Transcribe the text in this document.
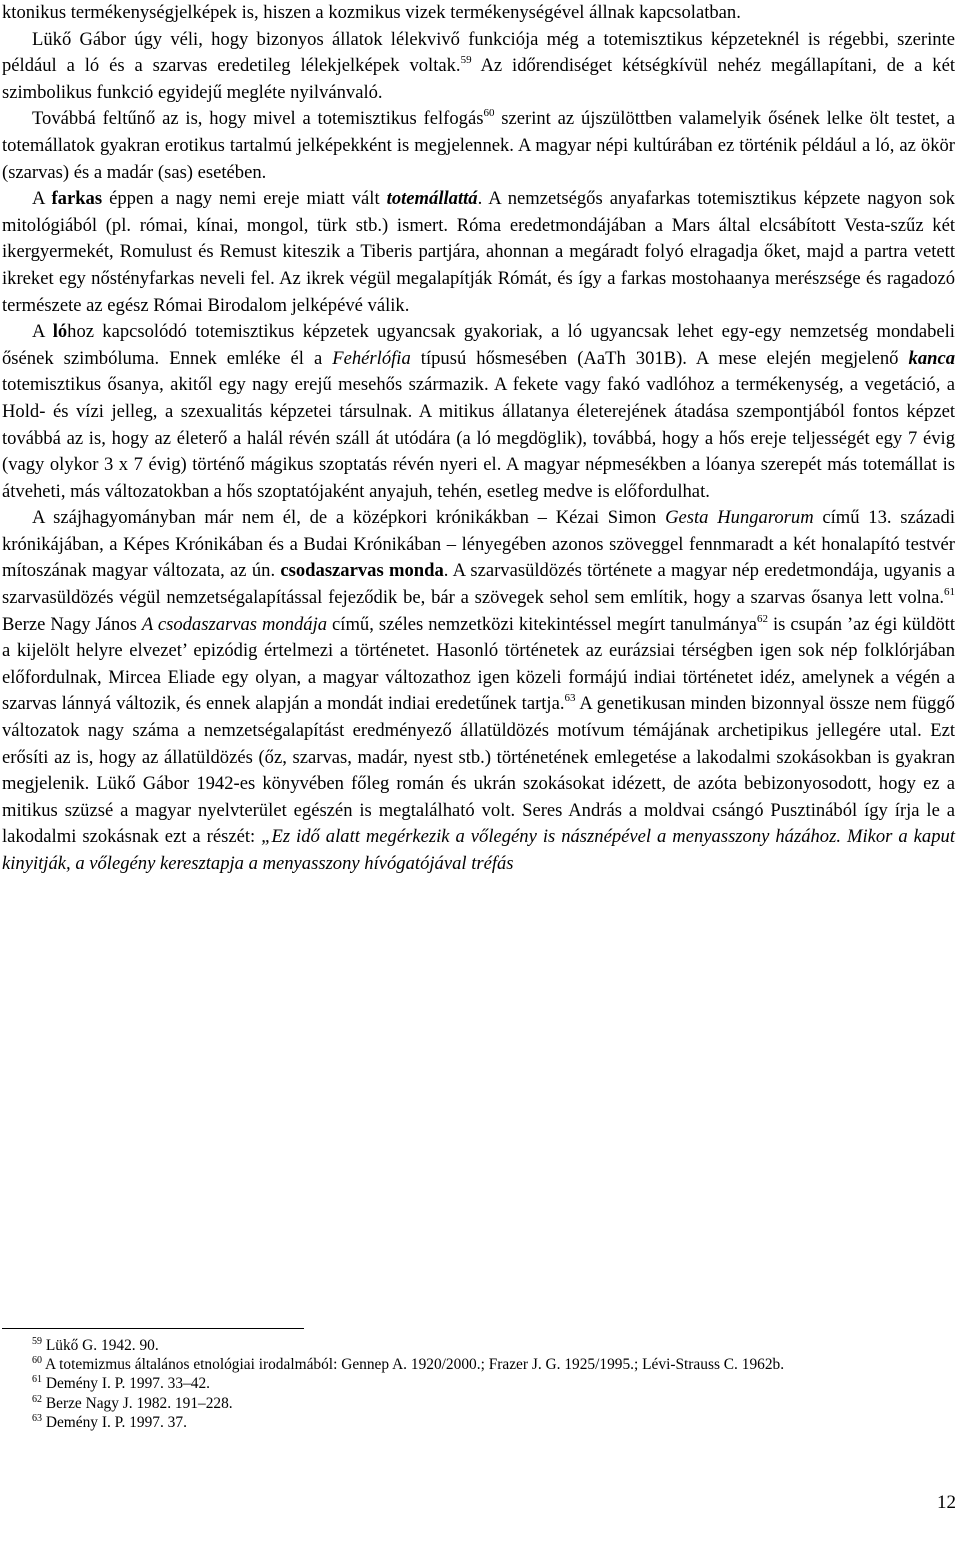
ktonikus termékenységjelképek is, hiszen a kozmikus vizek termékenységével állnak kapcsolatban.

Lükő Gábor úgy véli, hogy bizonyos állatok lélekvivő funkciója még a totemisztikus képzeteknél is régebbi, szerinte például a ló és a szarvas eredetileg lélekjelképek voltak.$^{59}$ Az időrendiséget kétségkívül nehéz megállapítani, de a két szimbolikus funkció egyidejű megléte nyilvánvaló.

Továbbá feltűnő az is, hogy mivel a totemisztikus felfogás$^{60}$ szerint az újszülöttben valamelyik ősének lelke ölt testet, a totemállatok gyakran erotikus tartalmú jelképekként is megjelennek. A magyar népi kultúrában ez történik például a ló, az ökör (szarvas) és a madár (sas) esetében.

A farkas éppen a nagy nemi ereje miatt vált totemállattá. A nemzetségős anyafarkas totemisztikus képzete nagyon sok mitológiából (pl. római, kínai, mongol, türk stb.) ismert. Róma eredetmondájában a Mars által elcsábított Vesta-szűz két ikergyermekét, Romulust és Remust kiteszik a Tiberis partjára, ahonnan a megáradt folyó elragadja őket, majd a partra vetett ikreket egy nőstényfarkas neveli fel. Az ikrek végül megalapítják Rómát, és így a farkas mostohaanya merészsége és ragadozó természete az egész Római Birodalom jelképévé válik.

A lóhoz kapcsolódó totemisztikus képzetek ugyancsak gyakoriak, a ló ugyancsak lehet egy-egy nemzetség mondabeli ősének szimbóluma. Ennek emléke él a Fehérlófia típusú hősmesében (AaTh 301B). A mese elején megjelenő kanca totemisztikus ősanya, akitől egy nagy erejű mesehős származik. A fekete vagy fakó vadlóhoz a termékenység, a vegetáció, a Hold- és vízi jelleg, a szexualitás képzetei társulnak. A mitikus állatanya életerejének átadása szempontjából fontos képzet továbbá az is, hogy az életerő a halál révén száll át utódára (a ló megdöglik), továbbá, hogy a hős ereje teljességét egy 7 évig (vagy olykor 3 x 7 évig) történő mágikus szoptatás révén nyeri el. A magyar népmesékben a lóanya szerepét más totemállat is átveheti, más változatokban a hős szoptatójaként anyajuh, tehén, esetleg medve is előfordulhat.

A szájhagyományban már nem él, de a középkori krónikákban – Kézai Simon Gesta Hungarorum című 13. századi krónikájában, a Képes Krónikában és a Budai Krónikában – lényegében azonos szöveggel fennmaradt a két honalapító testvér mítoszának magyar változata, az ún. csodaszarvas monda. A szarvasüldözés története a magyar nép eredetmondája, ugyanis a szarvasüldözés végül nemzetségalapítással fejeződik be, bár a szövegek sehol sem említik, hogy a szarvas ősanya lett volna.$^{61}$ Berze Nagy János A csodaszarvas mondája című, széles nemzetközi kitekintéssel megírt tanulmánya$^{62}$ is csupán ’az égi küldött a kijelölt helyre elvezet’ epizódig értelmezi a történetet. Hasonló történetek az eurázsiai térségben igen sok nép folklórjában előfordulnak, Mircea Eliade egy olyan, a magyar változathoz igen közeli formájú indiai történetet idéz, amelynek a végén a szarvas lánnyá változik, és ennek alapján a mondát indiai eredetűnek tartja.$^{63}$ A genetikusan minden bizonnyal össze nem függő változatok nagy száma a nemzetségalapítást eredményező állatüldözés motívum témájának archetipikus jellegére utal. Ezt erősíti az is, hogy az állatüldözés (őz, szarvas, madár, nyest stb.) történetének emlegetése a lakodalmi szokásokban is gyakran megjelenik. Lükő Gábor 1942-es könyvében főleg román és ukrán szokásokat idézett, de azóta bebizonyosodott, hogy ez a mitikus szüzsé a magyar nyelvterület egészén is megtalálható volt. Seres András a moldvai csángó Pusztinából így írja le a lakodalmi szokásnak ezt a részét: „Ez idő alatt megérkezik a vőlegény is násznépével a menyasszony házához. Mikor a kaput kinyitják, a vőlegény keresztapja a menyasszony hívógatójával tréfás

$^{59}$ Lükő G. 1942. 90.

$^{60}$ A totemizmus általános etnológiai irodalmából: Gennep A. 1920/2000.; Frazer J. G. 1925/1995.; Lévi-Strauss C. 1962b.

$^{61}$ Demény I. P. 1997. 33–42.

$^{62}$ Berze Nagy J. 1982. 191–228.

$^{63}$ Demény I. P. 1997. 37.

12
